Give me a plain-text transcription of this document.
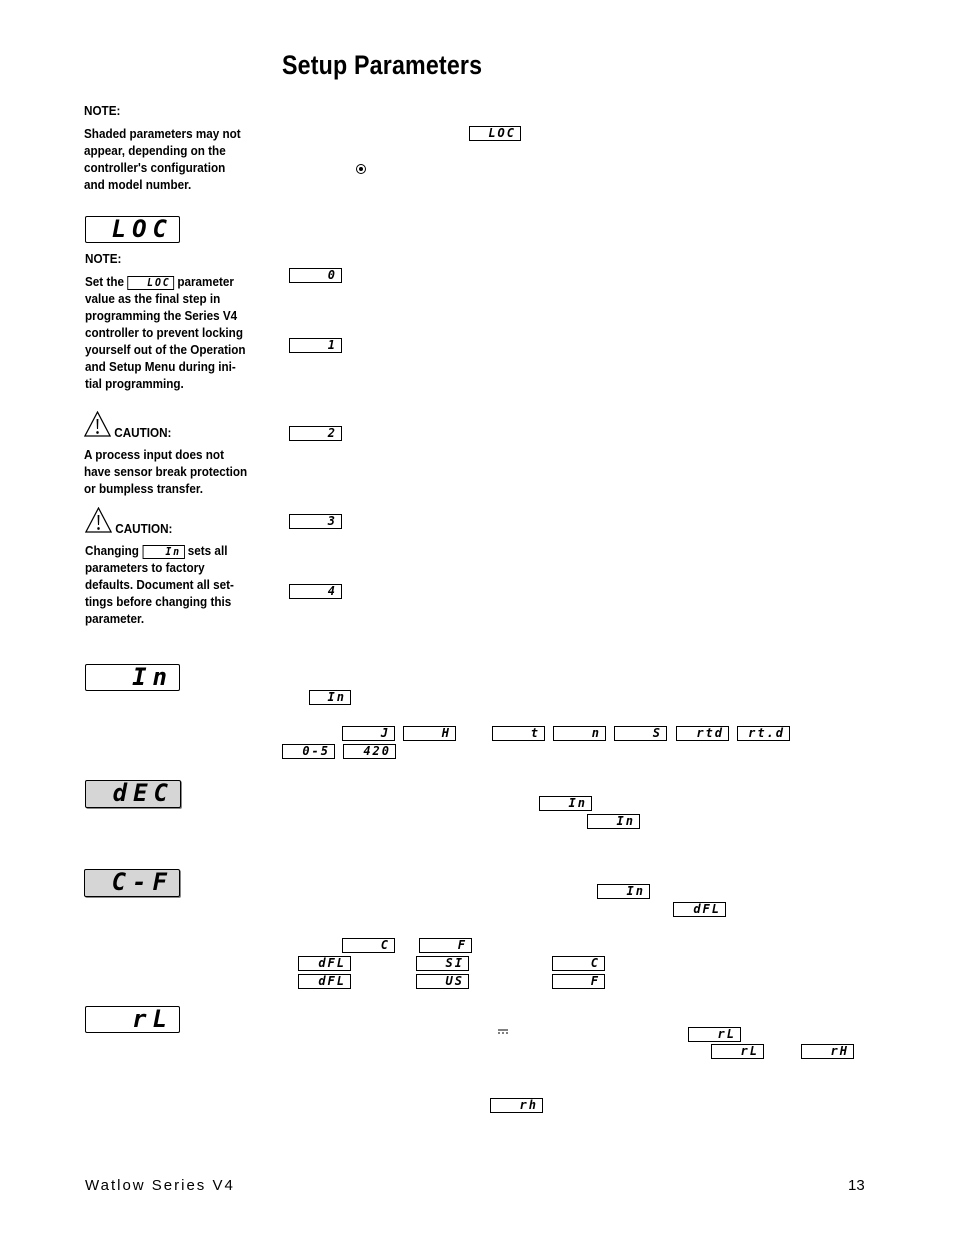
Setup Parameters
NOTE:
Shaded parameters may not
appear, depending on the
controller's configuration
and model number.
LOC
NOTE:
Set the LOC parameter
value as the final step in
programming the Series V4
controller to prevent locking
yourself out of the Operation
and Setup Menu during ini-
tial programming.
CAUTION:
A process input does not
have sensor break protection
or bumpless transfer.
CAUTION:
Changing In sets all
parameters to factory
defaults. Document all set-
tings before changing this
parameter.
In
dEC
C-F
rL
LOC
0
1
2
3
4
In
J	H	t	n	S	rtd	rt.d
0-5	420
In
In
In
dFL
C	F
dFL	SI	C
dFL	US	F
rL
rL	rH
rh
Watlow Series V4	13
